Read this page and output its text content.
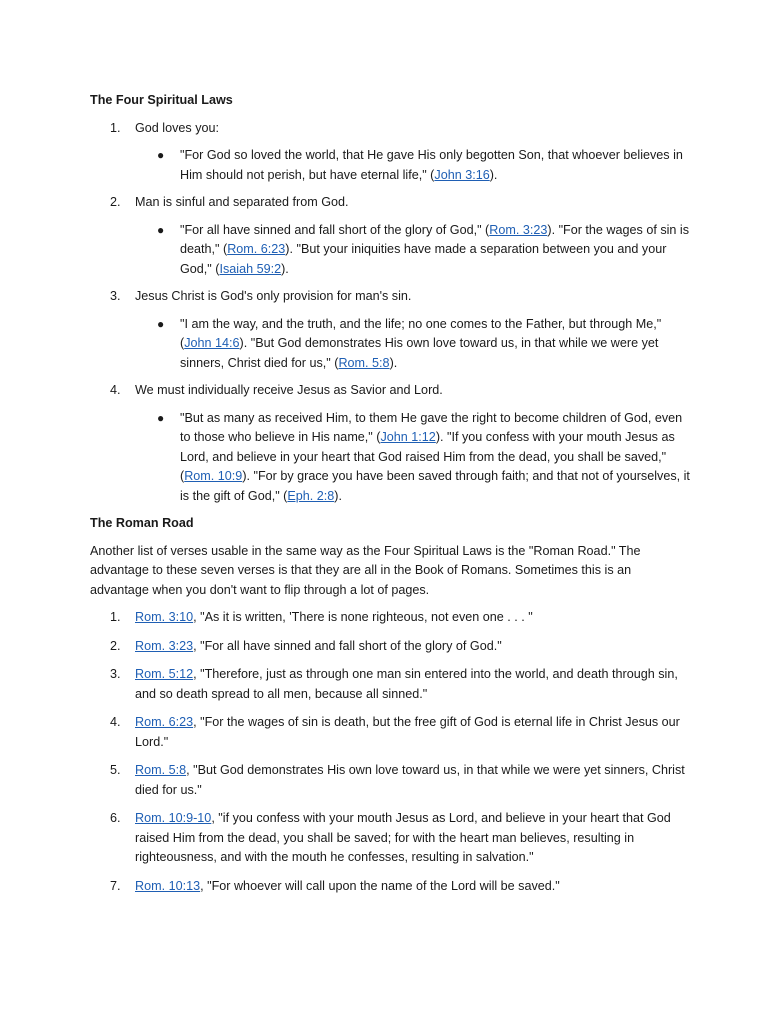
The Four Spiritual Laws
1. God loves you:
● "For God so loved the world, that He gave His only begotten Son, that whoever believes in Him should not perish, but have eternal life," (John 3:16).
2. Man is sinful and separated from God.
● "For all have sinned and fall short of the glory of God," (Rom. 3:23). "For the wages of sin is death," (Rom. 6:23). "But your iniquities have made a separation between you and your God," (Isaiah 59:2).
3. Jesus Christ is God's only provision for man's sin.
● "I am the way, and the truth, and the life; no one comes to the Father, but through Me," (John 14:6). "But God demonstrates His own love toward us, in that while we were yet sinners, Christ died for us," (Rom. 5:8).
4. We must individually receive Jesus as Savior and Lord.
● "But as many as received Him, to them He gave the right to become children of God, even to those who believe in His name," (John 1:12). "If you confess with your mouth Jesus as Lord, and believe in your heart that God raised Him from the dead, you shall be saved," (Rom. 10:9). "For by grace you have been saved through faith; and that not of yourselves, it is the gift of God," (Eph. 2:8).
The Roman Road
Another list of verses usable in the same way as the Four Spiritual Laws is the "Roman Road." The advantage to these seven verses is that they are all in the Book of Romans. Sometimes this is an advantage when you don't want to flip through a lot of pages.
1. Rom. 3:10, "As it is written, 'There is none righteous, not even one . . . "
2. Rom. 3:23, "For all have sinned and fall short of the glory of God."
3. Rom. 5:12, "Therefore, just as through one man sin entered into the world, and death through sin, and so death spread to all men, because all sinned."
4. Rom. 6:23, "For the wages of sin is death, but the free gift of God is eternal life in Christ Jesus our Lord."
5. Rom. 5:8, "But God demonstrates His own love toward us, in that while we were yet sinners, Christ died for us."
6. Rom. 10:9-10, "if you confess with your mouth Jesus as Lord, and believe in your heart that God raised Him from the dead, you shall be saved; for with the heart man believes, resulting in righteousness, and with the mouth he confesses, resulting in salvation."
7. Rom. 10:13, "For whoever will call upon the name of the Lord will be saved."
